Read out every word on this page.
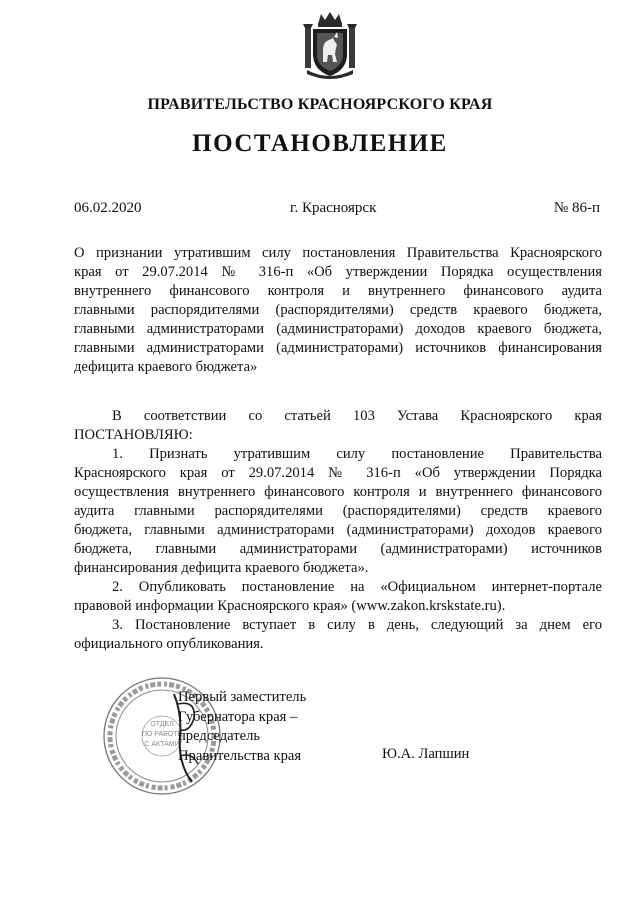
ПРАВИТЕЛЬСТВО КРАСНОЯРСКОГО КРАЯ
ПОСТАНОВЛЕНИЕ
06.02.2020	г. Красноярск	№ 86-п
О признании утратившим силу постановления Правительства Красноярского
края от 29.07.2014 № 316-п «Об утверждении Порядка осуществления
внутреннего финансового контроля и внутреннего финансового аудита
главными распорядителями (распорядителями) средств краевого бюджета,
главными администраторами (администраторами) доходов краевого бюджета,
главными администраторами (администраторами) источников финансирования
дефицита краевого бюджета»
В соответствии со статьей 103 Устава Красноярского края
ПОСТАНОВЛЯЮ:
1. Признать утратившим силу постановление Правительства
Красноярского края от 29.07.2014 № 316-п «Об утверждении Порядка
осуществления внутреннего финансового контроля и внутреннего финансового
аудита главными распорядителями (распорядителями) средств краевого
бюджета, главными администраторами (администраторами) доходов краевого
бюджета, главными администраторами (администраторами) источников
финансирования дефицита краевого бюджета».
2. Опубликовать постановление на «Официальном интернет-портале
правовой информации Красноярского края» (www.zakon.krskstate.ru).
3. Постановление вступает в силу в день, следующий за днем его
официального опубликования.
ОТДЕЛ
ПО РАБОТЕ
С АКТАМИ
Первый заместитель
Губернатора края –
председатель
Правительства края	Ю.А. Лапшин
